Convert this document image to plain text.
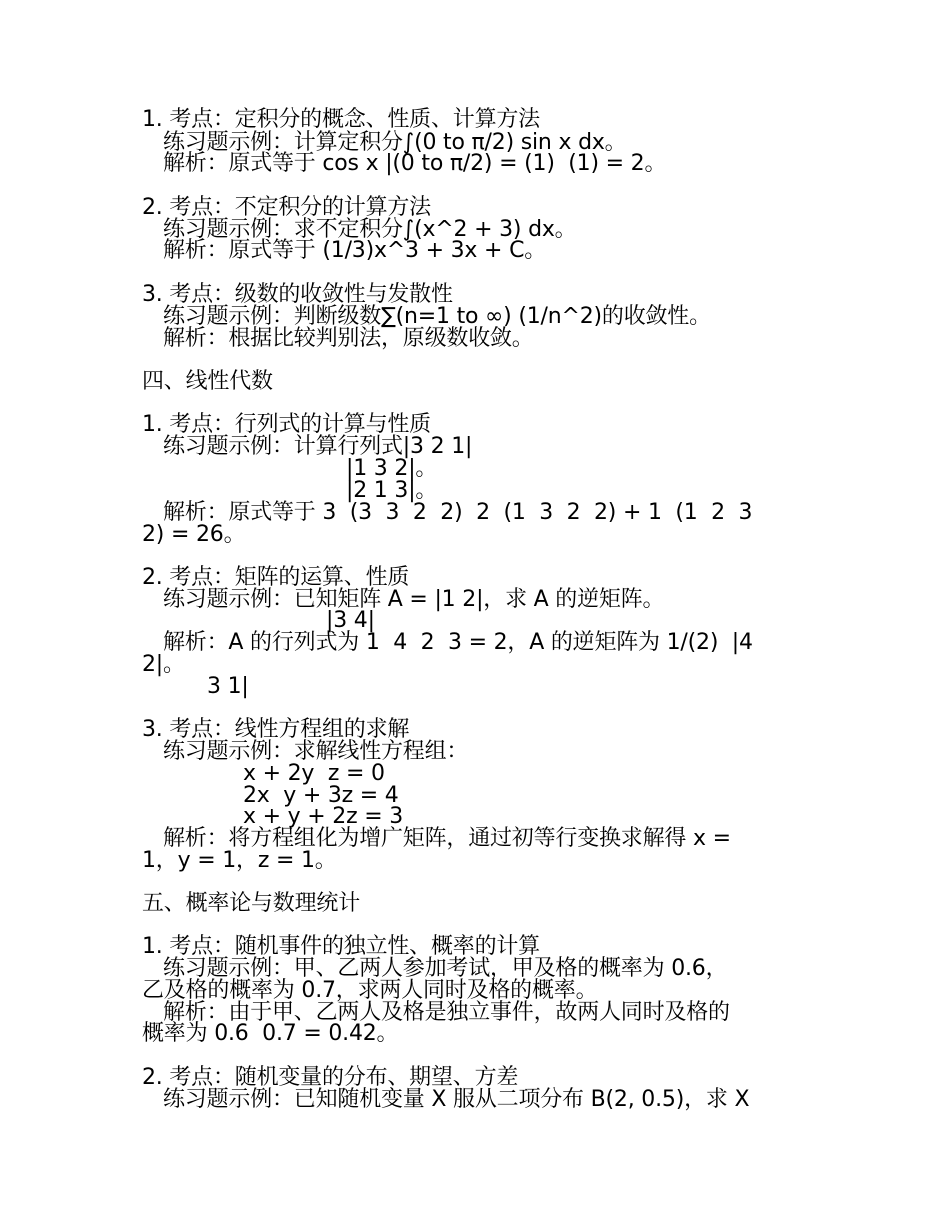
1. 考点：定积分的概念、性质、计算方法
练习题示例：计算定积分∫(0 to π/2) sin x dx。
解析：原式等于 cos x |(0 to π/2) = (1)  (1) = 2。
2. 考点：不定积分的计算方法
练习题示例：求不定积分∫(x^2 + 3) dx。
解析：原式等于 (1/3)x^3 + 3x + C。
3. 考点：级数的收敛性与发散性
练习题示例：判断级数∑(n=1 to ∞) (1/n^2)的收敛性。
解析：根据比较判别法，原级数收敛。
四、线性代数
1. 考点：行列式的计算与性质
练习题示例：计算行列式|3 2 1|
|1 3 2|。
|2 1 3|。
解析：原式等于 3  (3  3  2  2)  2  (1  3  2  2) + 1  (1  2  3
2) = 26。
2. 考点：矩阵的运算、性质
练习题示例：已知矩阵 A = |1 2|，求 A 的逆矩阵。
|3 4|
解析：A 的行列式为 1  4  2  3 = 2，A 的逆矩阵为 1/(2)  |4
2|。
3 1|
3. 考点：线性方程组的求解
练习题示例：求解线性方程组：
x + 2y  z = 0
2x  y + 3z = 4
x + y + 2z = 3
解析：将方程组化为增广矩阵，通过初等行变换求解得 x =
1，y = 1，z = 1。
五、概率论与数理统计
1. 考点：随机事件的独立性、概率的计算
练习题示例：甲、乙两人参加考试，甲及格的概率为 0.6，
乙及格的概率为 0.7，求两人同时及格的概率。
解析：由于甲、乙两人及格是独立事件，故两人同时及格的
概率为 0.6  0.7 = 0.42。
2. 考点：随机变量的分布、期望、方差
练习题示例：已知随机变量 X 服从二项分布 B(2, 0.5)，求 X
